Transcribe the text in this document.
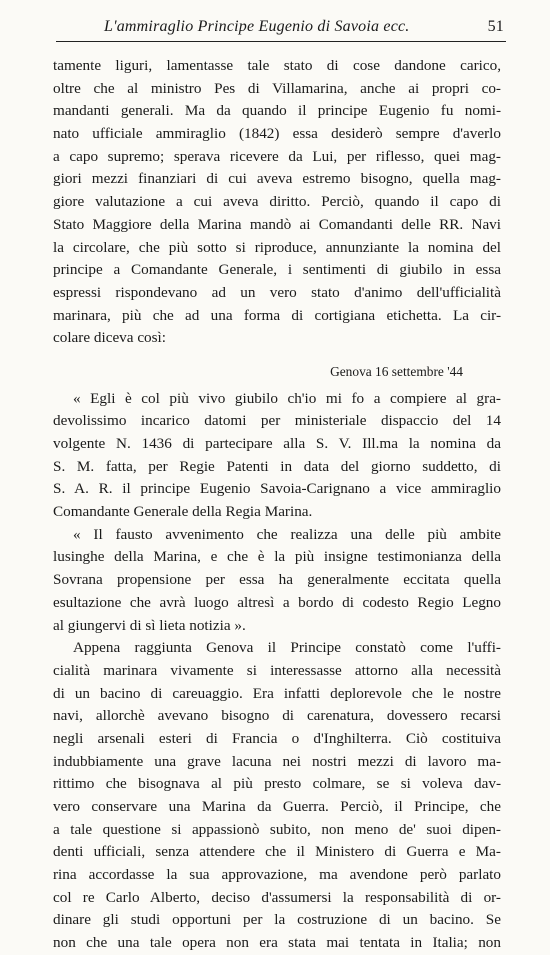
L'ammiraglio Principe Eugenio di Savoia ecc.	51
tamente liguri, lamentasse tale stato di cose dandone carico,
oltre che al ministro Pes di Villamarina, anche ai propri co-
mandanti generali. Ma da quando il principe Eugenio fu nomi-
nato ufficiale ammiraglio (1842) essa desiderò sempre d'averlo
a capo supremo; sperava ricevere da Lui, per riflesso, quei mag-
giori mezzi finanziari di cui aveva estremo bisogno, quella mag-
giore valutazione a cui aveva diritto. Perciò, quando il capo di
Stato Maggiore della Marina mandò ai Comandanti delle RR. Navi
la circolare, che più sotto si riproduce, annunziante la nomina del
principe a Comandante Generale, i sentimenti di giubilo in essa
espressi rispondevano ad un vero stato d'animo dell'ufficialità
marinara, più che ad una forma di cortigiana etichetta. La cir-
colare diceva così:
Genova 16 settembre '44
« Egli è col più vivo giubilo ch'io mi fo a compiere al gra-
devolissimo incarico datomi per ministeriale dispaccio del 14
volgente N. 1436 di partecipare alla S. V. Ill.ma la nomina da
S. M. fatta, per Regie Patenti in data del giorno suddetto, di
S. A. R. il principe Eugenio Savoia-Carignano a vice ammiraglio
Comandante Generale della Regia Marina.
« Il fausto avvenimento che realizza una delle più ambite
lusinghe della Marina, e che è la più insigne testimonianza della
Sovrana propensione per essa ha generalmente eccitata quella
esultazione che avrà luogo altresì a bordo di codesto Regio Legno
al giungervi di sì lieta notizia ».
Appena raggiunta Genova il Principe constatò come l'uffi-
cialità marinara vivamente si interessasse attorno alla necessità
di un bacino di careuaggio. Era infatti deplorevole che le nostre
navi, allorchè avevano bisogno di carenatura, dovessero recarsi
negli arsenali esteri di Francia o d'Inghilterra. Ciò costituiva
indubbiamente una grave lacuna nei nostri mezzi di lavoro ma-
rittimo che bisognava al più presto colmare, se si voleva dav-
vero conservare una Marina da Guerra. Perciò, il Principe, che
a tale questione si appassionò subito, non meno de' suoi dipen-
denti ufficiali, senza attendere che il Ministero di Guerra e Ma-
rina accordasse la sua approvazione, ma avendone però parlato
col re Carlo Alberto, deciso d'assumersi la responsabilità di or-
dinare gli studi opportuni per la costruzione di un bacino. Se
non che una tale opera non era stata mai tentata in Italia; non
